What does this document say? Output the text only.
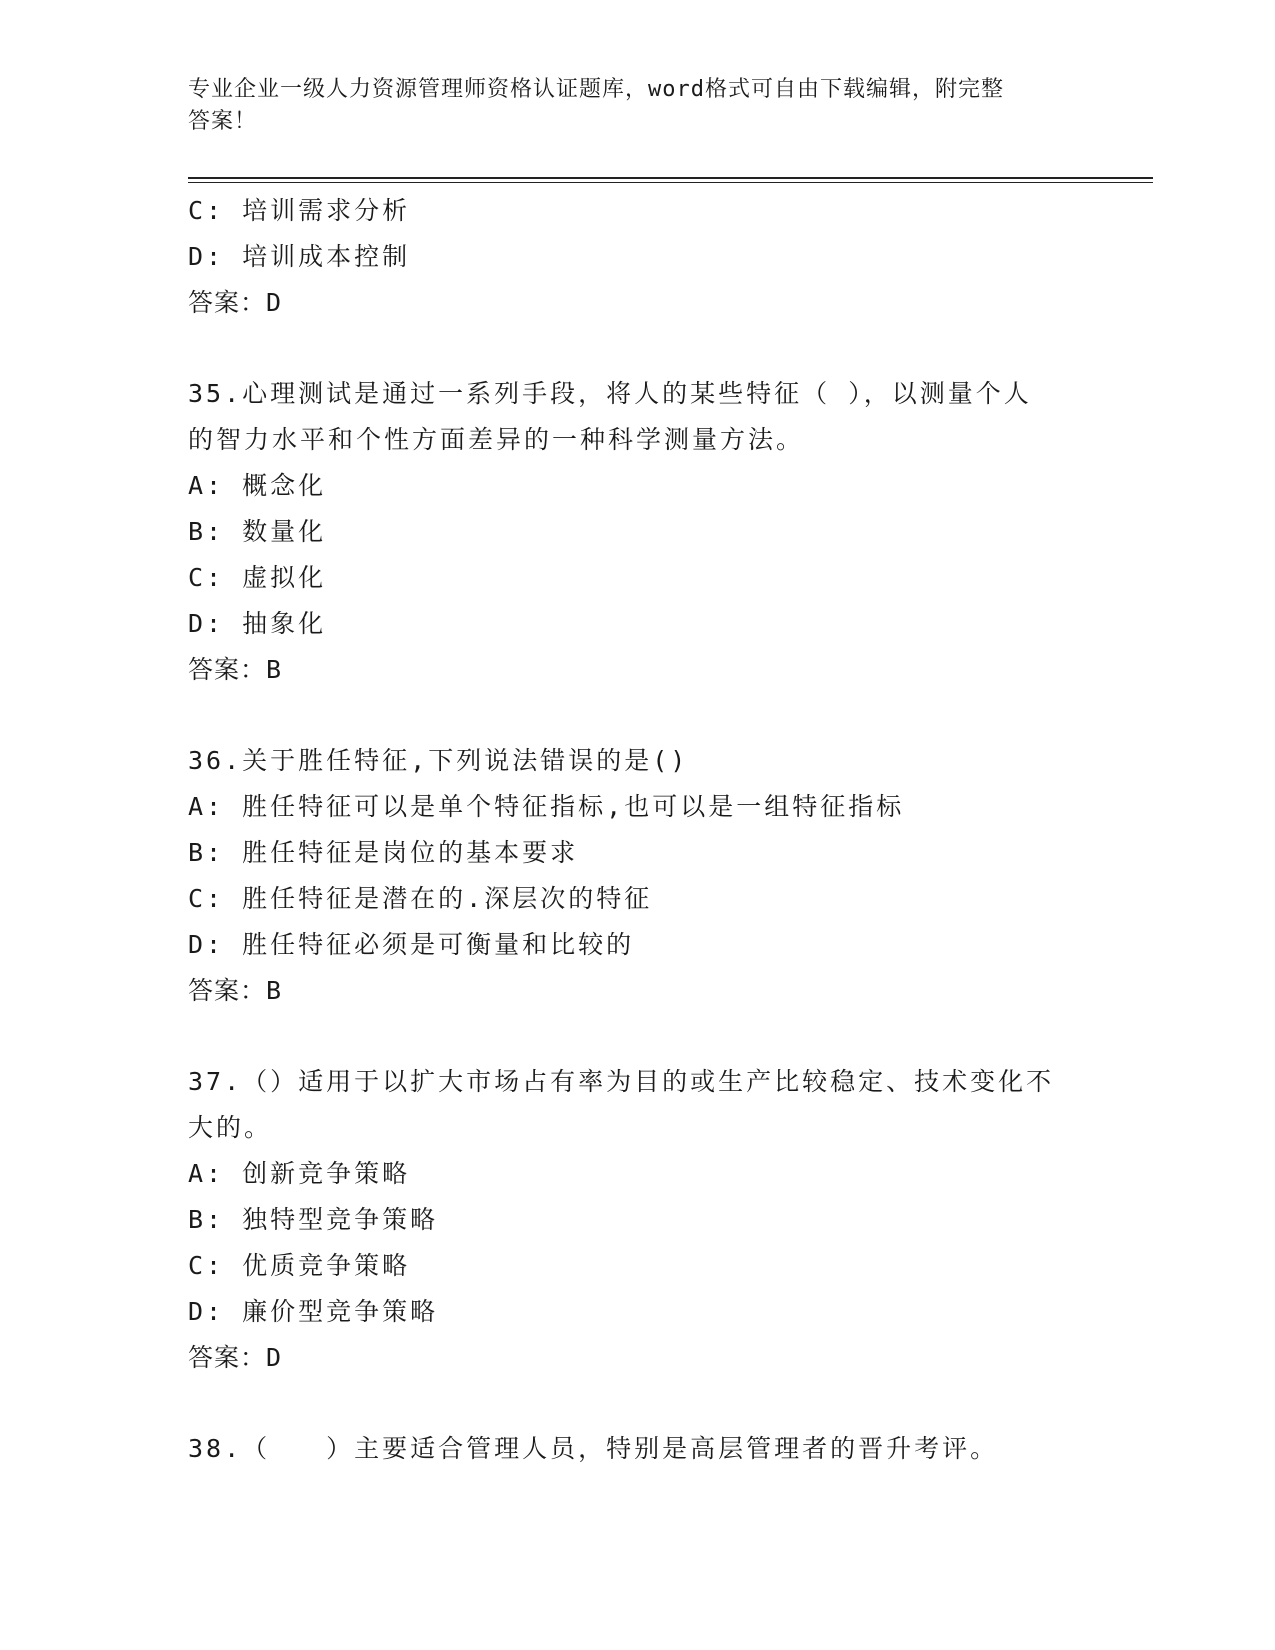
专业企业一级人力资源管理师资格认证题库，word格式可自由下载编辑，附完整
答案！
C: 培训需求分析
D: 培训成本控制
答案：D
35.心理测试是通过一系列手段，将人的某些特征（ ），以测量个人
的智力水平和个性方面差异的一种科学测量方法。
A: 概念化
B: 数量化
C: 虚拟化
D: 抽象化
答案：B
36.关于胜任特征,下列说法错误的是()
A: 胜任特征可以是单个特征指标,也可以是一组特征指标
B: 胜任特征是岗位的基本要求
C: 胜任特征是潜在的.深层次的特征
D: 胜任特征必须是可衡量和比较的
答案：B
37.（）适用于以扩大市场占有率为目的或生产比较稳定、技术变化不
大的。
A: 创新竞争策略
B: 独特型竞争策略
C: 优质竞争策略
D: 廉价型竞争策略
答案：D
38.（　　）主要适合管理人员，特别是高层管理者的晋升考评。
